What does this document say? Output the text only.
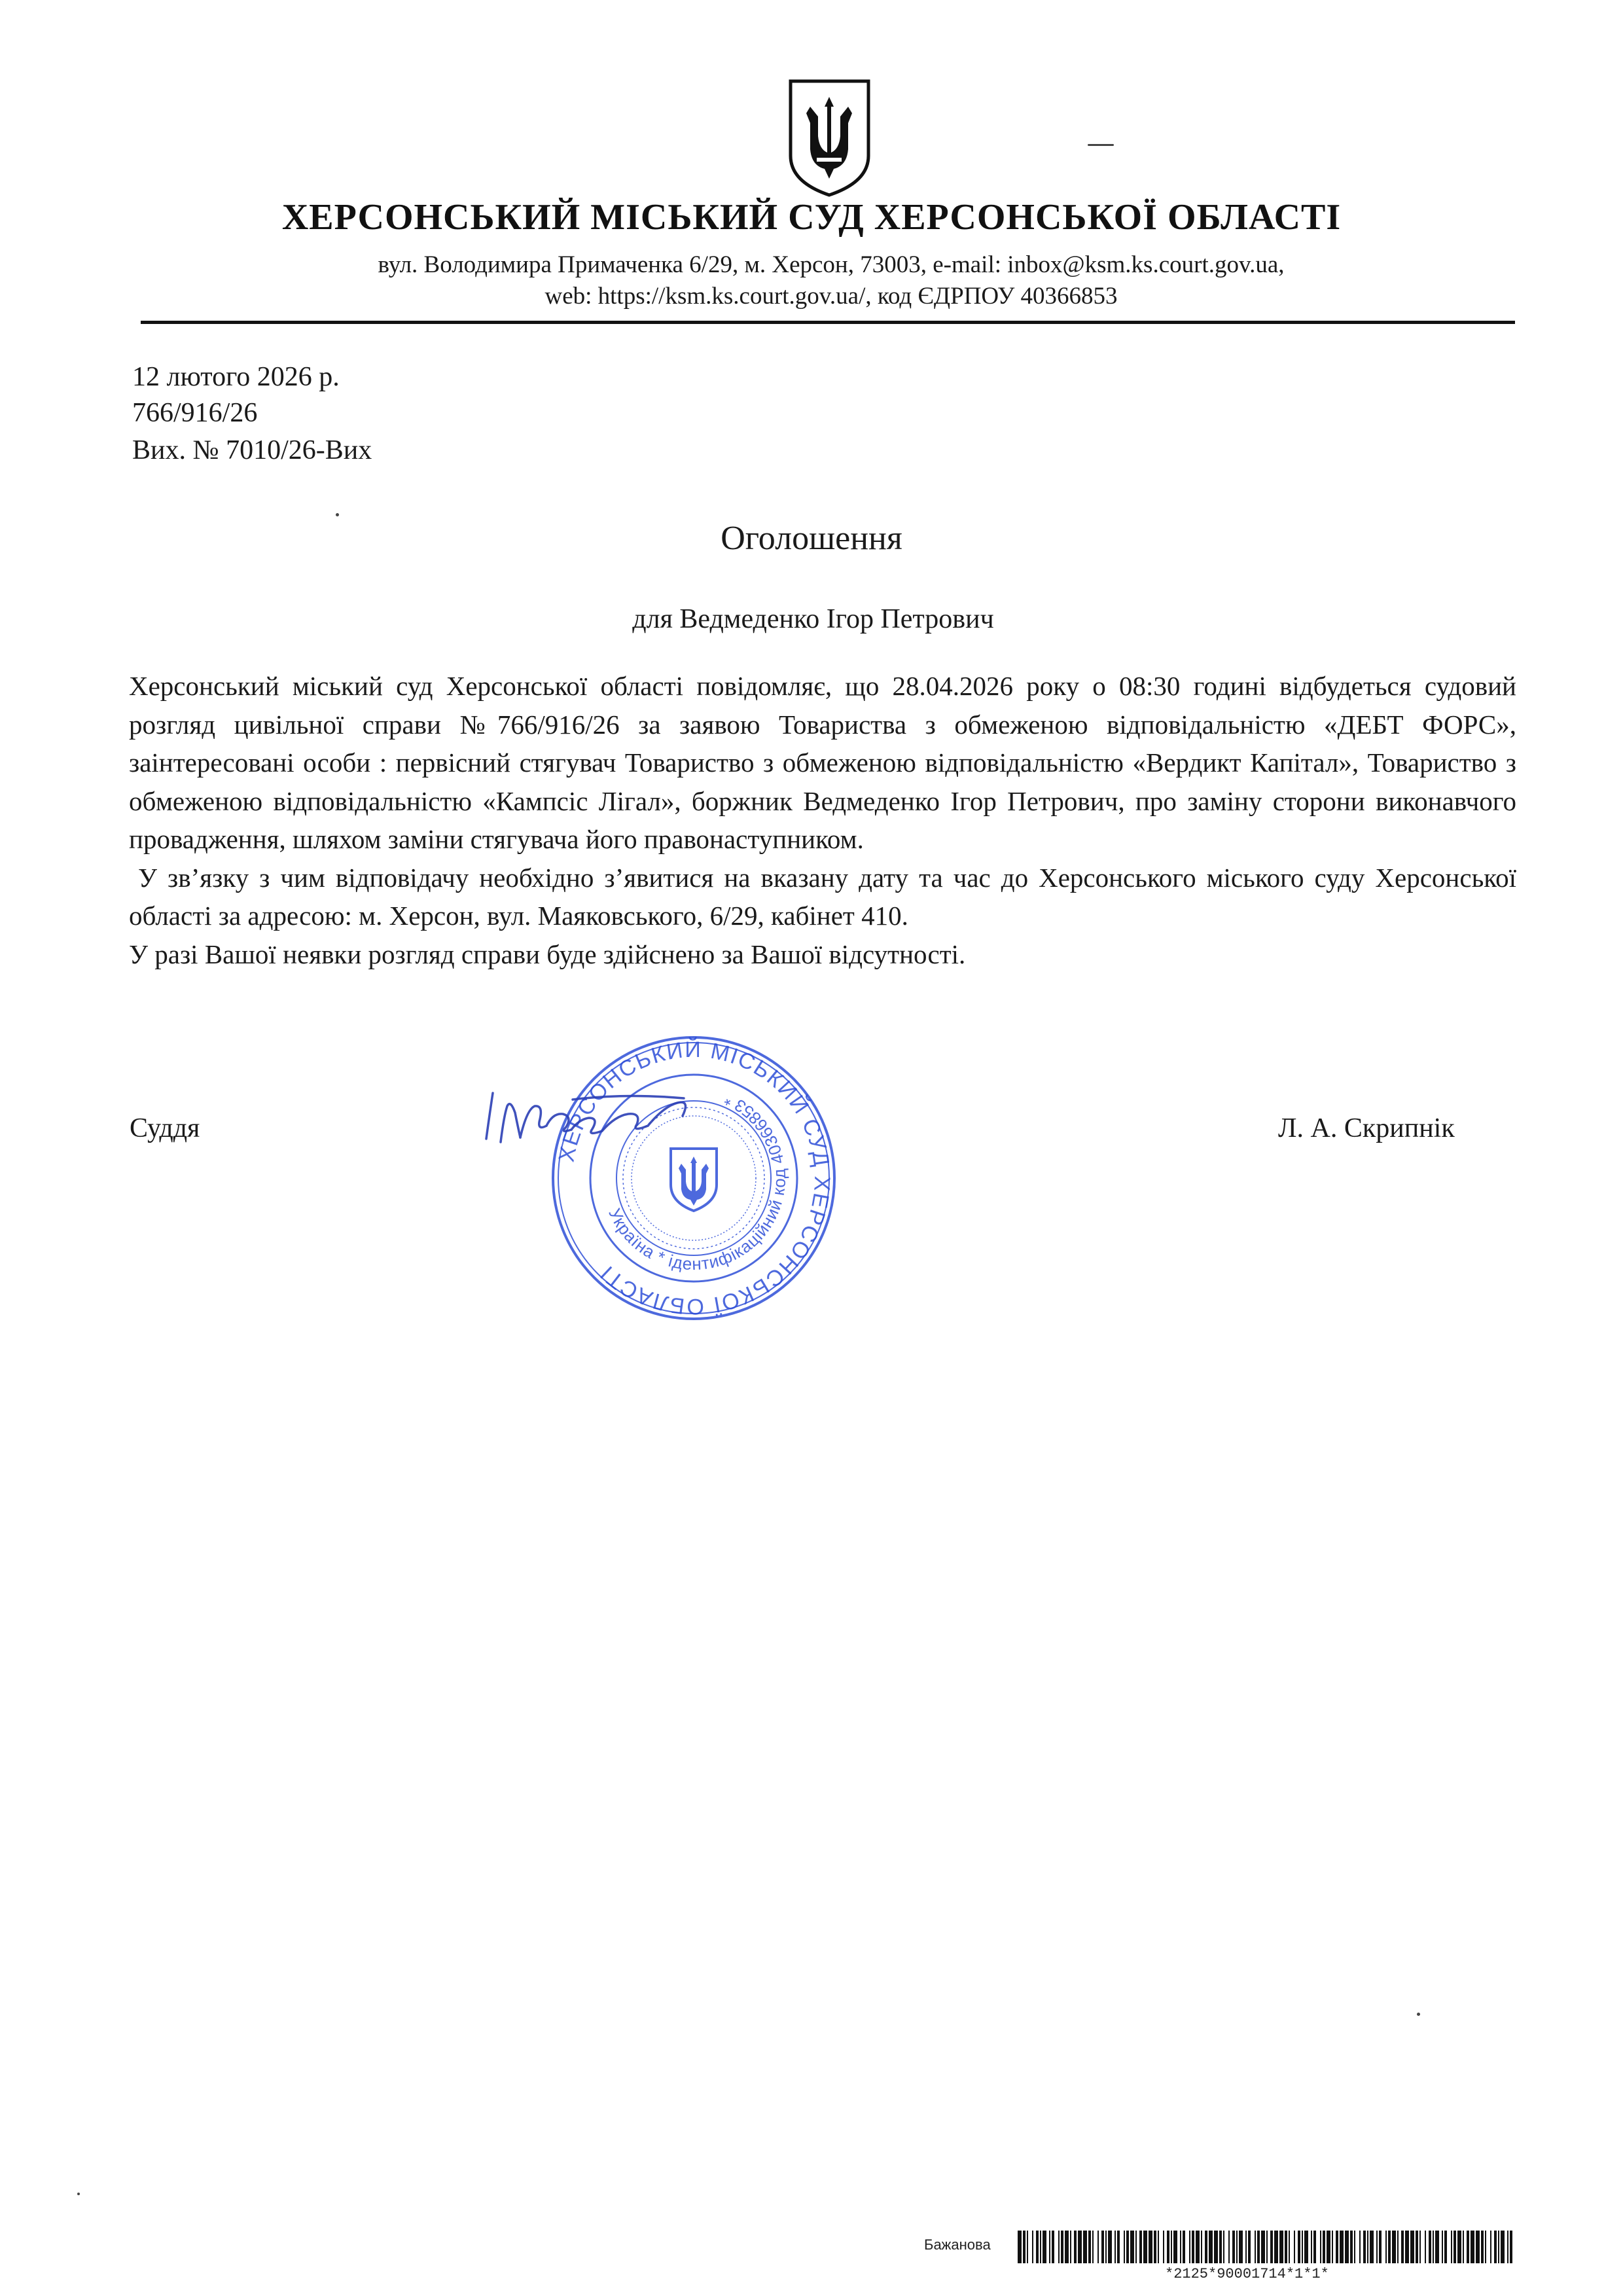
ХЕРСОНСЬКИЙ МІСЬКИЙ СУД ХЕРСОНСЬКОЇ ОБЛАСТІ
вул. Володимира Примаченка 6/29, м. Херсон, 73003, e-mail: inbox@ksm.ks.court.gov.ua,
web: https://ksm.ks.court.gov.ua/, код ЄДРПОУ 40366853
12 лютого 2026 р.
766/916/26
Вих. № 7010/26-Вих
Оголошення
для Ведмеденко Ігор Петрович

Херсонський міський суд Херсонської області повідомляє, що 28.04.2026 року о 08:30 годині відбудеться судовий розгляд цивільної справи №766/916/26 за заявою Товариства з обмеженою відповідальністю «ДЕБТ ФОРС», заінтересовані особи : первісний стягувач Товариство з обмеженою відповідальністю «Вердикт Капітал», Товариство з обмеженою відповідальністю «Кампсіс Лігал», боржник Ведмеденко Ігор Петрович, про заміну сторони виконавчого провадження, шляхом заміни стягувача його правонаступником.

У зв’язку з чим відповідачу необхідно з’явитися на вказану дату та час до Херсонського міського суду Херсонської області за адресою: м. Херсон, вул. Маяковського, 6/29, кабінет 410.

У разі Вашої неявки розгляд справи буде здійснено за Вашої відсутності.

Суддя	Л. А. Скрипнік
ХЕРСОНСЬКИЙ МІСЬКИЙ СУД ХЕРСОНСЬКОЇ ОБЛАСТІ
Україна * ідентифікаційний код 40366853 *
Бажанова
*2125*90001714*1*1*
